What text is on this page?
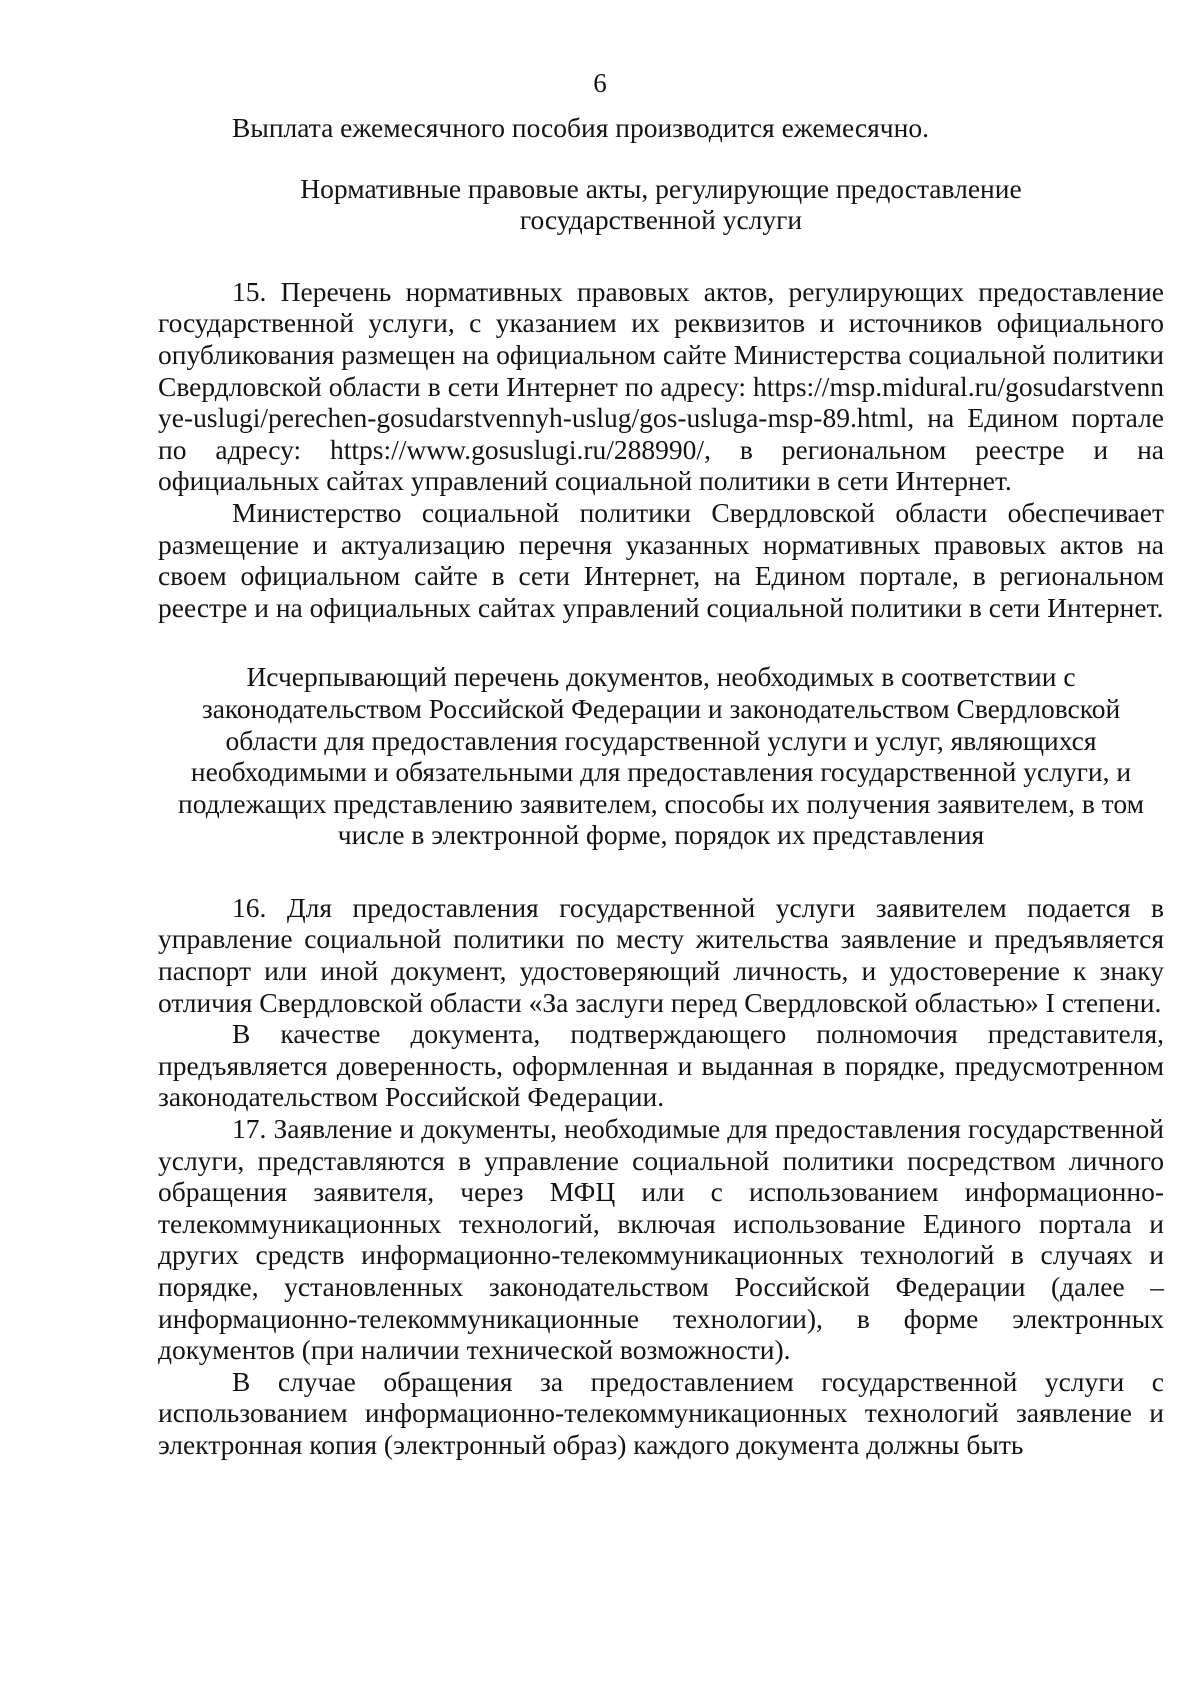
6

Выплата ежемесячного пособия производится ежемесячно.

Нормативные правовые акты, регулирующие предоставление государственной услуги

15. Перечень нормативных правовых актов, регулирующих предоставление государственной услуги, с указанием их реквизитов и источников официального опубликования размещен на официальном сайте Министерства социальной политики Свердловской области в сети Интернет по адресу: https://msp.midural.ru/gosudarstvennye-uslugi/perechen-gosudarstvennyh-uslug/gos-usluga-msp-89.html, на Едином портале по адресу: https://www.gosuslugi.ru/288990/, в региональном реестре и на официальных сайтах управлений социальной политики в сети Интернет.

Министерство социальной политики Свердловской области обеспечивает размещение и актуализацию перечня указанных нормативных правовых актов на своем официальном сайте в сети Интернет, на Едином портале, в региональном реестре и на официальных сайтах управлений социальной политики в сети Интернет.

Исчерпывающий перечень документов, необходимых в соответствии с законодательством Российской Федерации и законодательством Свердловской области для предоставления государственной услуги и услуг, являющихся необходимыми и обязательными для предоставления государственной услуги, и подлежащих представлению заявителем, способы их получения заявителем, в том числе в электронной форме, порядок их представления

16. Для предоставления государственной услуги заявителем подается в управление социальной политики по месту жительства заявление и предъявляется паспорт или иной документ, удостоверяющий личность, и удостоверение к знаку отличия Свердловской области «За заслуги перед Свердловской областью» I степени.

В качестве документа, подтверждающего полномочия представителя, предъявляется доверенность, оформленная и выданная в порядке, предусмотренном законодательством Российской Федерации.

17. Заявление и документы, необходимые для предоставления государственной услуги, представляются в управление социальной политики посредством личного обращения заявителя, через МФЦ или с использованием информационно-телекоммуникационных технологий, включая использование Единого портала и других средств информационно-телекоммуникационных технологий в случаях и порядке, установленных законодательством Российской Федерации (далее – информационно-телекоммуникационные технологии), в форме электронных документов (при наличии технической возможности).

В случае обращения за предоставлением государственной услуги с использованием информационно-телекоммуникационных технологий заявление и электронная копия (электронный образ) каждого документа должны быть
